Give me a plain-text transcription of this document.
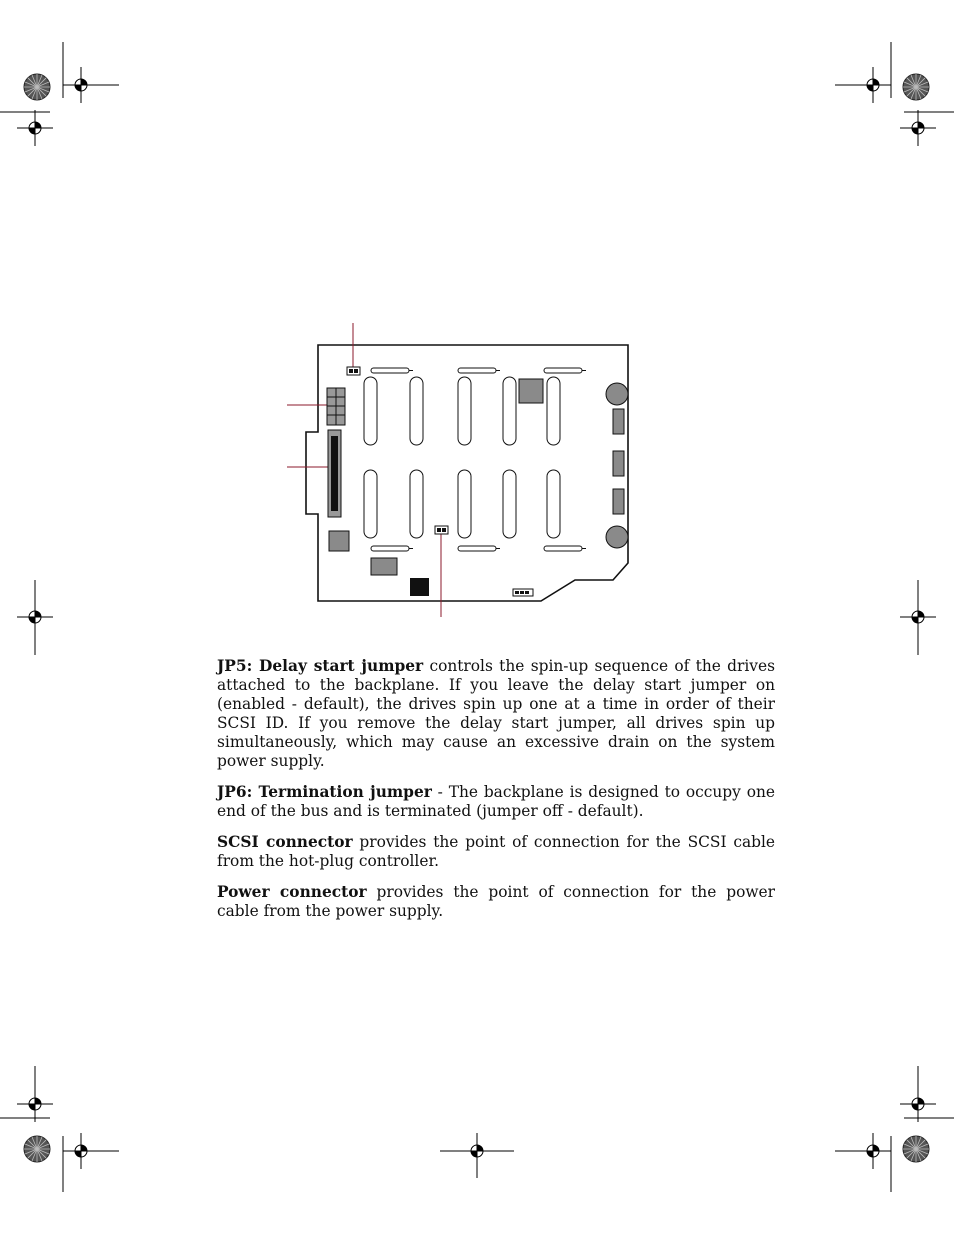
JP5: Delay start jumper controls the spin-up sequence of the drives attached to the backplane. If you leave the delay start jumper on (enabled - default), the drives spin up one at a time in order of their SCSI ID. If you remove the delay start jumper, all drives spin up simultaneously, which may cause an excessive drain on the system power supply.

JP6: Termination jumper - The backplane is designed to occupy one end of the bus and is terminated (jumper off - default).

SCSI connector provides the point of connection for the SCSI cable from the hot-plug controller.

Power connector provides the point of connection for the power cable from the power supply.
